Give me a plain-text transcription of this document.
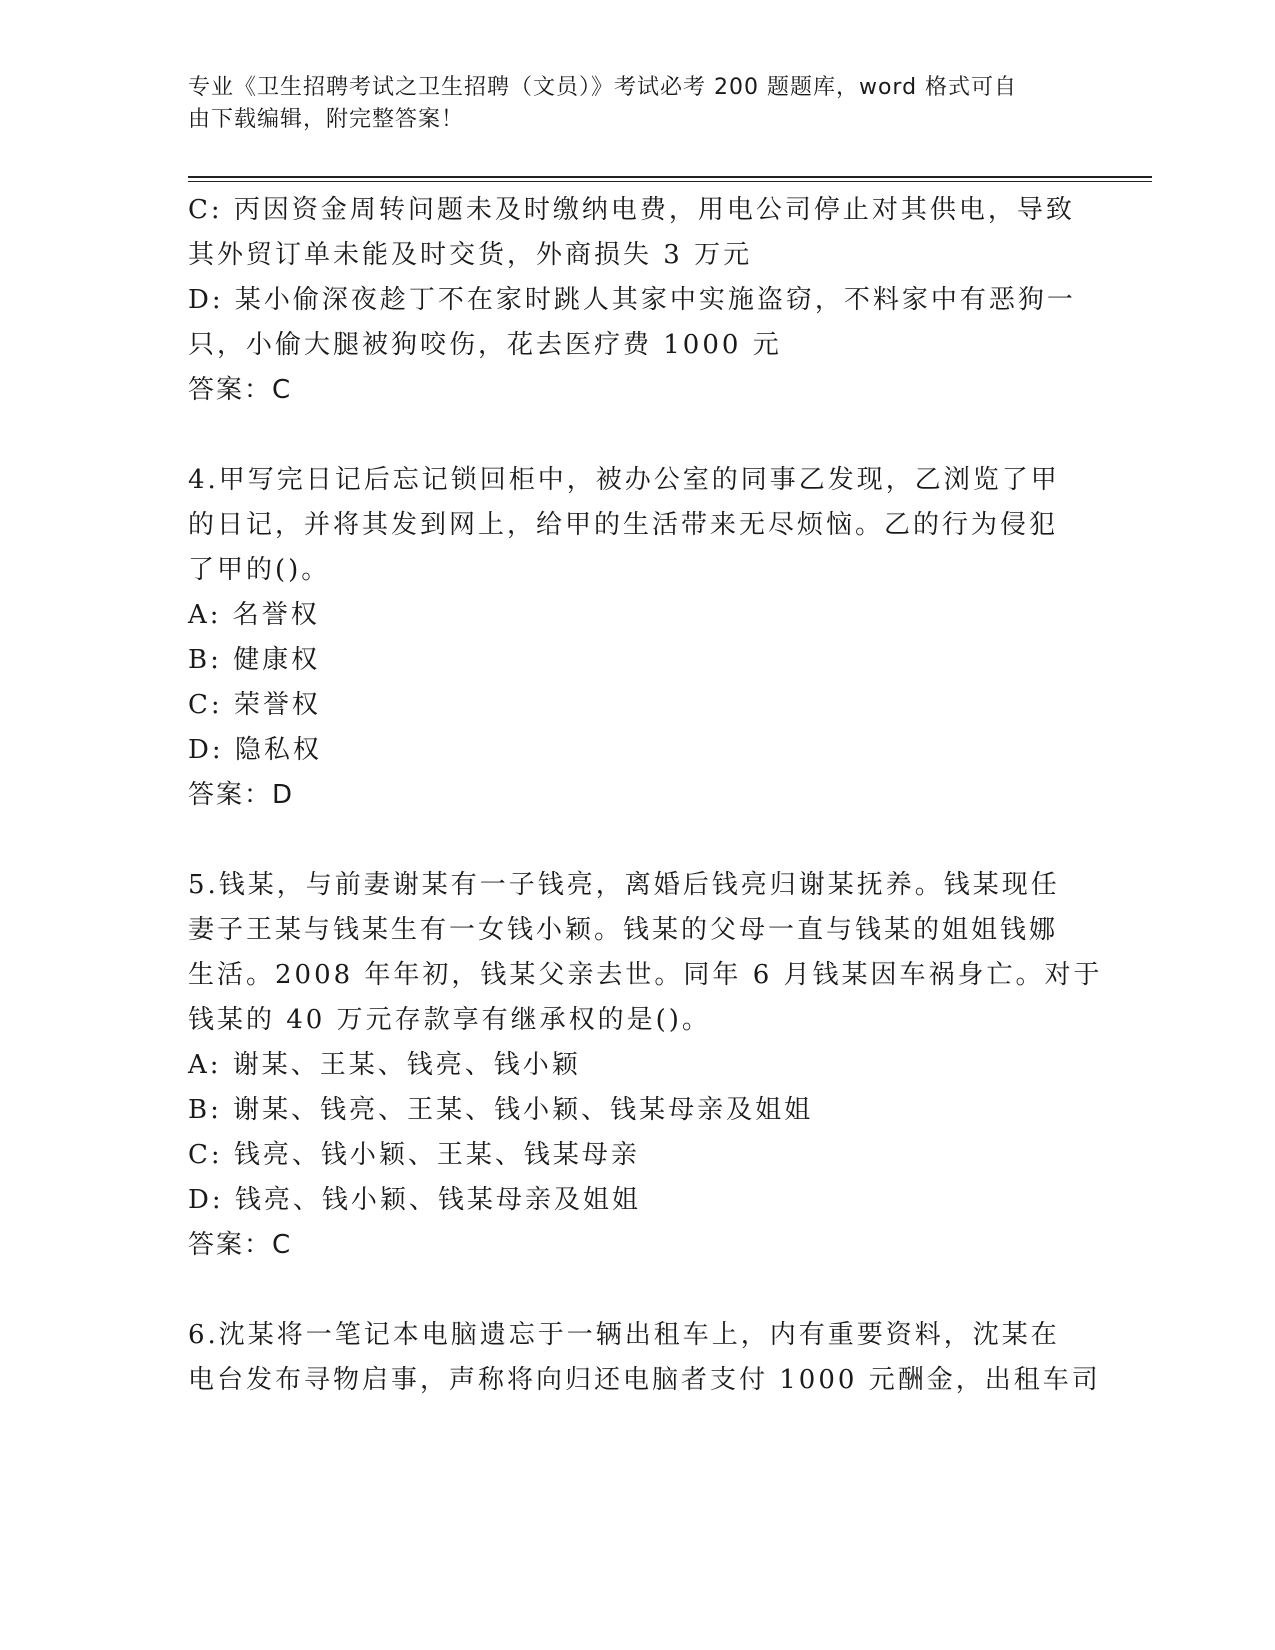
专业《卫生招聘考试之卫生招聘（文员）》考试必考 200 题题库，word 格式可自
由下载编辑，附完整答案！
C: 丙因资金周转问题未及时缴纳电费，用电公司停止对其供电，导致
其外贸订单未能及时交货，外商损失 3 万元
D: 某小偷深夜趁丁不在家时跳人其家中实施盗窃，不料家中有恶狗一
只，小偷大腿被狗咬伤，花去医疗费 1000 元
答案：C
4.甲写完日记后忘记锁回柜中，被办公室的同事乙发现，乙浏览了甲
的日记，并将其发到网上，给甲的生活带来无尽烦恼。乙的行为侵犯
了甲的()。
A: 名誉权
B: 健康权
C: 荣誉权
D: 隐私权
答案：D
5.钱某，与前妻谢某有一子钱亮，离婚后钱亮归谢某抚养。钱某现任
妻子王某与钱某生有一女钱小颖。钱某的父母一直与钱某的姐姐钱娜
生活。2008 年年初，钱某父亲去世。同年 6 月钱某因车祸身亡。对于
钱某的 40 万元存款享有继承权的是()。
A: 谢某、王某、钱亮、钱小颖
B: 谢某、钱亮、王某、钱小颖、钱某母亲及姐姐
C: 钱亮、钱小颖、王某、钱某母亲
D: 钱亮、钱小颖、钱某母亲及姐姐
答案：C
6.沈某将一笔记本电脑遗忘于一辆出租车上，内有重要资料，沈某在
电台发布寻物启事，声称将向归还电脑者支付 1000 元酬金，出租车司
